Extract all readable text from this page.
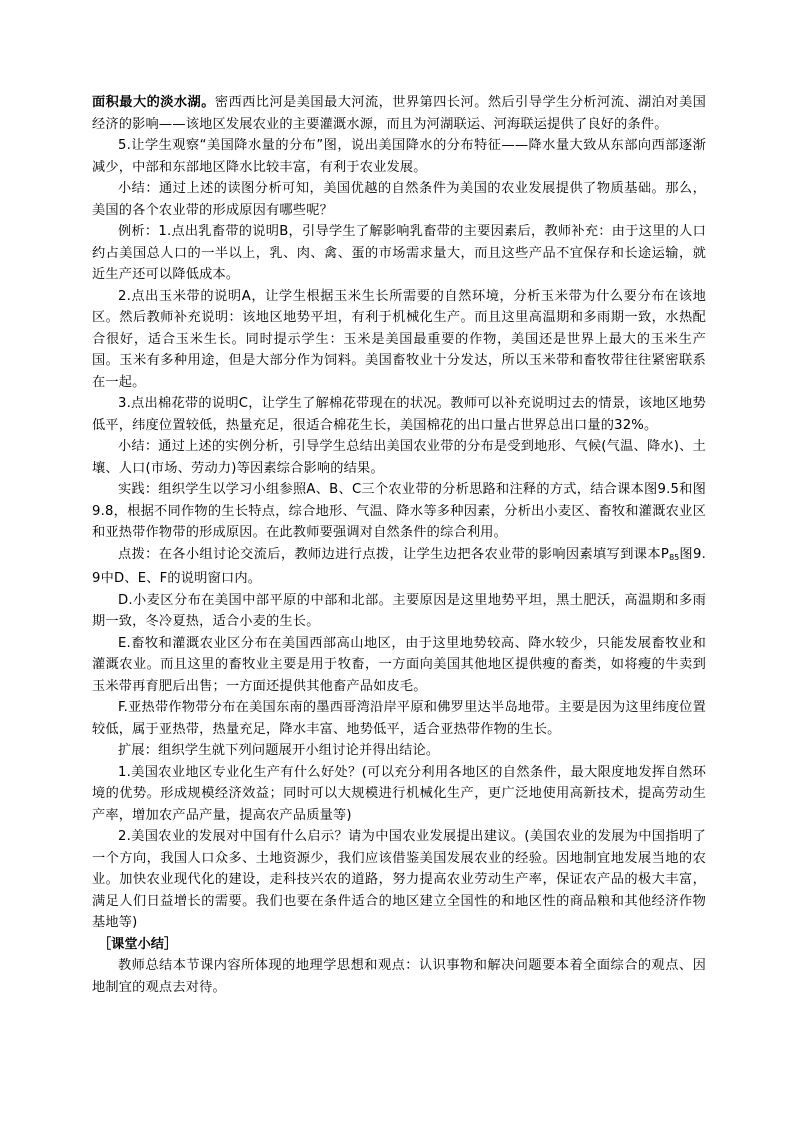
面积最大的淡水湖。密西西比河是美国最大河流，世界第四长河。然后引导学生分析河流、湖泊对美国经济的影响——该地区发展农业的主要灌溉水源，而且为河湖联运、河海联运提供了良好的条件。

5.让学生观察“美国降水量的分布”图，说出美国降水的分布特征——降水量大致从东部向西部逐渐减少，中部和东部地区降水比较丰富，有利于农业发展。

小结：通过上述的读图分析可知，美国优越的自然条件为美国的农业发展提供了物质基础。那么，美国的各个农业带的形成原因有哪些呢？

例析：1.点出乳畜带的说明B，引导学生了解影响乳畜带的主要因素后，教师补充：由于这里的人口约占美国总人口的一半以上，乳、肉、禽、蛋的市场需求量大，而且这些产品不宜保存和长途运输，就近生产还可以降低成本。

2.点出玉米带的说明A，让学生根据玉米生长所需要的自然环境，分析玉米带为什么要分布在该地区。然后教师补充说明：该地区地势平坦，有利于机械化生产。而且这里高温期和多雨期一致，水热配合很好，适合玉米生长。同时提示学生：玉米是美国最重要的作物，美国还是世界上最大的玉米生产国。玉米有多种用途，但是大部分作为饲料。美国畜牧业十分发达，所以玉米带和畜牧带往往紧密联系在一起。

3.点出棉花带的说明C，让学生了解棉花带现在的状况。教师可以补充说明过去的情景，该地区地势低平，纬度位置较低，热量充足，很适合棉花生长，美国棉花的出口量占世界总出口量的32%。

小结：通过上述的实例分析，引导学生总结出美国农业带的分布是受到地形、气候(气温、降水)、土壤、人口(市场、劳动力)等因素综合影响的结果。

实践：组织学生以学习小组参照A、B、C三个农业带的分析思路和注释的方式，结合课本图9.5和图9.8，根据不同作物的生长特点，综合地形、气温、降水等多种因素，分析出小麦区、畜牧和灌溉农业区和亚热带作物带的形成原因。在此教师要强调对自然条件的综合利用。

点拨：在各小组讨论交流后，教师边进行点拨，让学生边把各农业带的影响因素填写到课本$P_{85}$图9.9中D、E、F的说明窗口内。

D.小麦区分布在美国中部平原的中部和北部。主要原因是这里地势平坦，黑土肥沃，高温期和多雨期一致，冬冷夏热，适合小麦的生长。

E.畜牧和灌溉农业区分布在美国西部高山地区，由于这里地势较高、降水较少，只能发展畜牧业和灌溉农业。而且这里的畜牧业主要是用于牧畜，一方面向美国其他地区提供瘦的畜类，如将瘦的牛卖到玉米带再育肥后出售；一方面还提供其他畜产品如皮毛。

F.亚热带作物带分布在美国东南的墨西哥湾沿岸平原和佛罗里达半岛地带。主要是因为这里纬度位置较低，属于亚热带，热量充足，降水丰富、地势低平，适合亚热带作物的生长。

扩展：组织学生就下列问题展开小组讨论并得出结论。

1.美国农业地区专业化生产有什么好处？(可以充分利用各地区的自然条件，最大限度地发挥自然环境的优势。形成规模经济效益；同时可以大规模进行机械化生产，更广泛地使用高新技术，提高劳动生产率，增加农产品产量，提高农产品质量等)

2.美国农业的发展对中国有什么启示？请为中国农业发展提出建议。(美国农业的发展为中国指明了一个方向，我国人口众多、土地资源少，我们应该借鉴美国发展农业的经验。因地制宜地发展当地的农业。加快农业现代化的建设，走科技兴农的道路，努力提高农业劳动生产率，保证农产品的极大丰富，满足人们日益增长的需要。我们也要在条件适合的地区建立全国性的和地区性的商品粮和其他经济作物基地等)

［课堂小结］

教师总结本节课内容所体现的地理学思想和观点：认识事物和解决问题要本着全面综合的观点、因地制宜的观点去对待。
